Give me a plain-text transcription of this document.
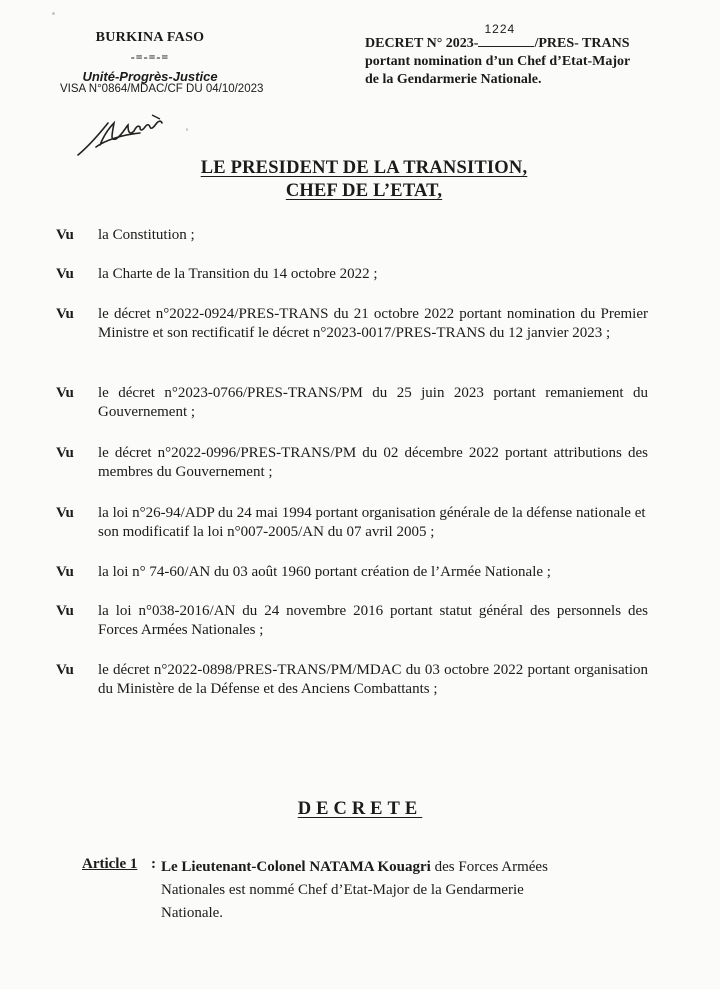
BURKINA FASO
-=-=-=
Unité-Progrès-Justice
VISA N°0864/MDAC/CF DU 04/10/2023
DECRET N° 2023-
1224
/PRES- TRANS
portant nomination d’un Chef d’Etat-Major
de la Gendarmerie Nationale.
LE PRESIDENT DE LA TRANSITION,
CHEF DE L’ETAT,
Vu la Constitution ;
Vu la Charte de la Transition du 14 octobre 2022 ;
Vu le décret n°2022-0924/PRES-TRANS du 21 octobre 2022 portant nomination du Premier Ministre et son rectificatif le décret n°2023-0017/PRES-TRANS du 12 janvier 2023 ;
Vu le décret n°2023-0766/PRES-TRANS/PM du 25 juin 2023 portant remaniement du Gouvernement ;
Vu le décret n°2022-0996/PRES-TRANS/PM du 02 décembre 2022 portant attributions des membres du Gouvernement ;
Vu la loi n°26-94/ADP du 24 mai 1994 portant organisation générale de la défense nationale et son modificatif la loi n°007-2005/AN du 07 avril 2005 ;
Vu la loi n° 74-60/AN du 03 août 1960 portant création de l’Armée Nationale ;
Vu la loi n°038-2016/AN du 24 novembre 2016 portant statut général des personnels des Forces Armées Nationales ;
Vu le décret n°2022-0898/PRES-TRANS/PM/MDAC du 03 octobre 2022 portant organisation du Ministère de la Défense et des Anciens Combattants ;
DECRETE
Article 1 : Le Lieutenant-Colonel NATAMA Kouagri des Forces Armées Nationales est nommé Chef d’Etat-Major de la Gendarmerie Nationale.
